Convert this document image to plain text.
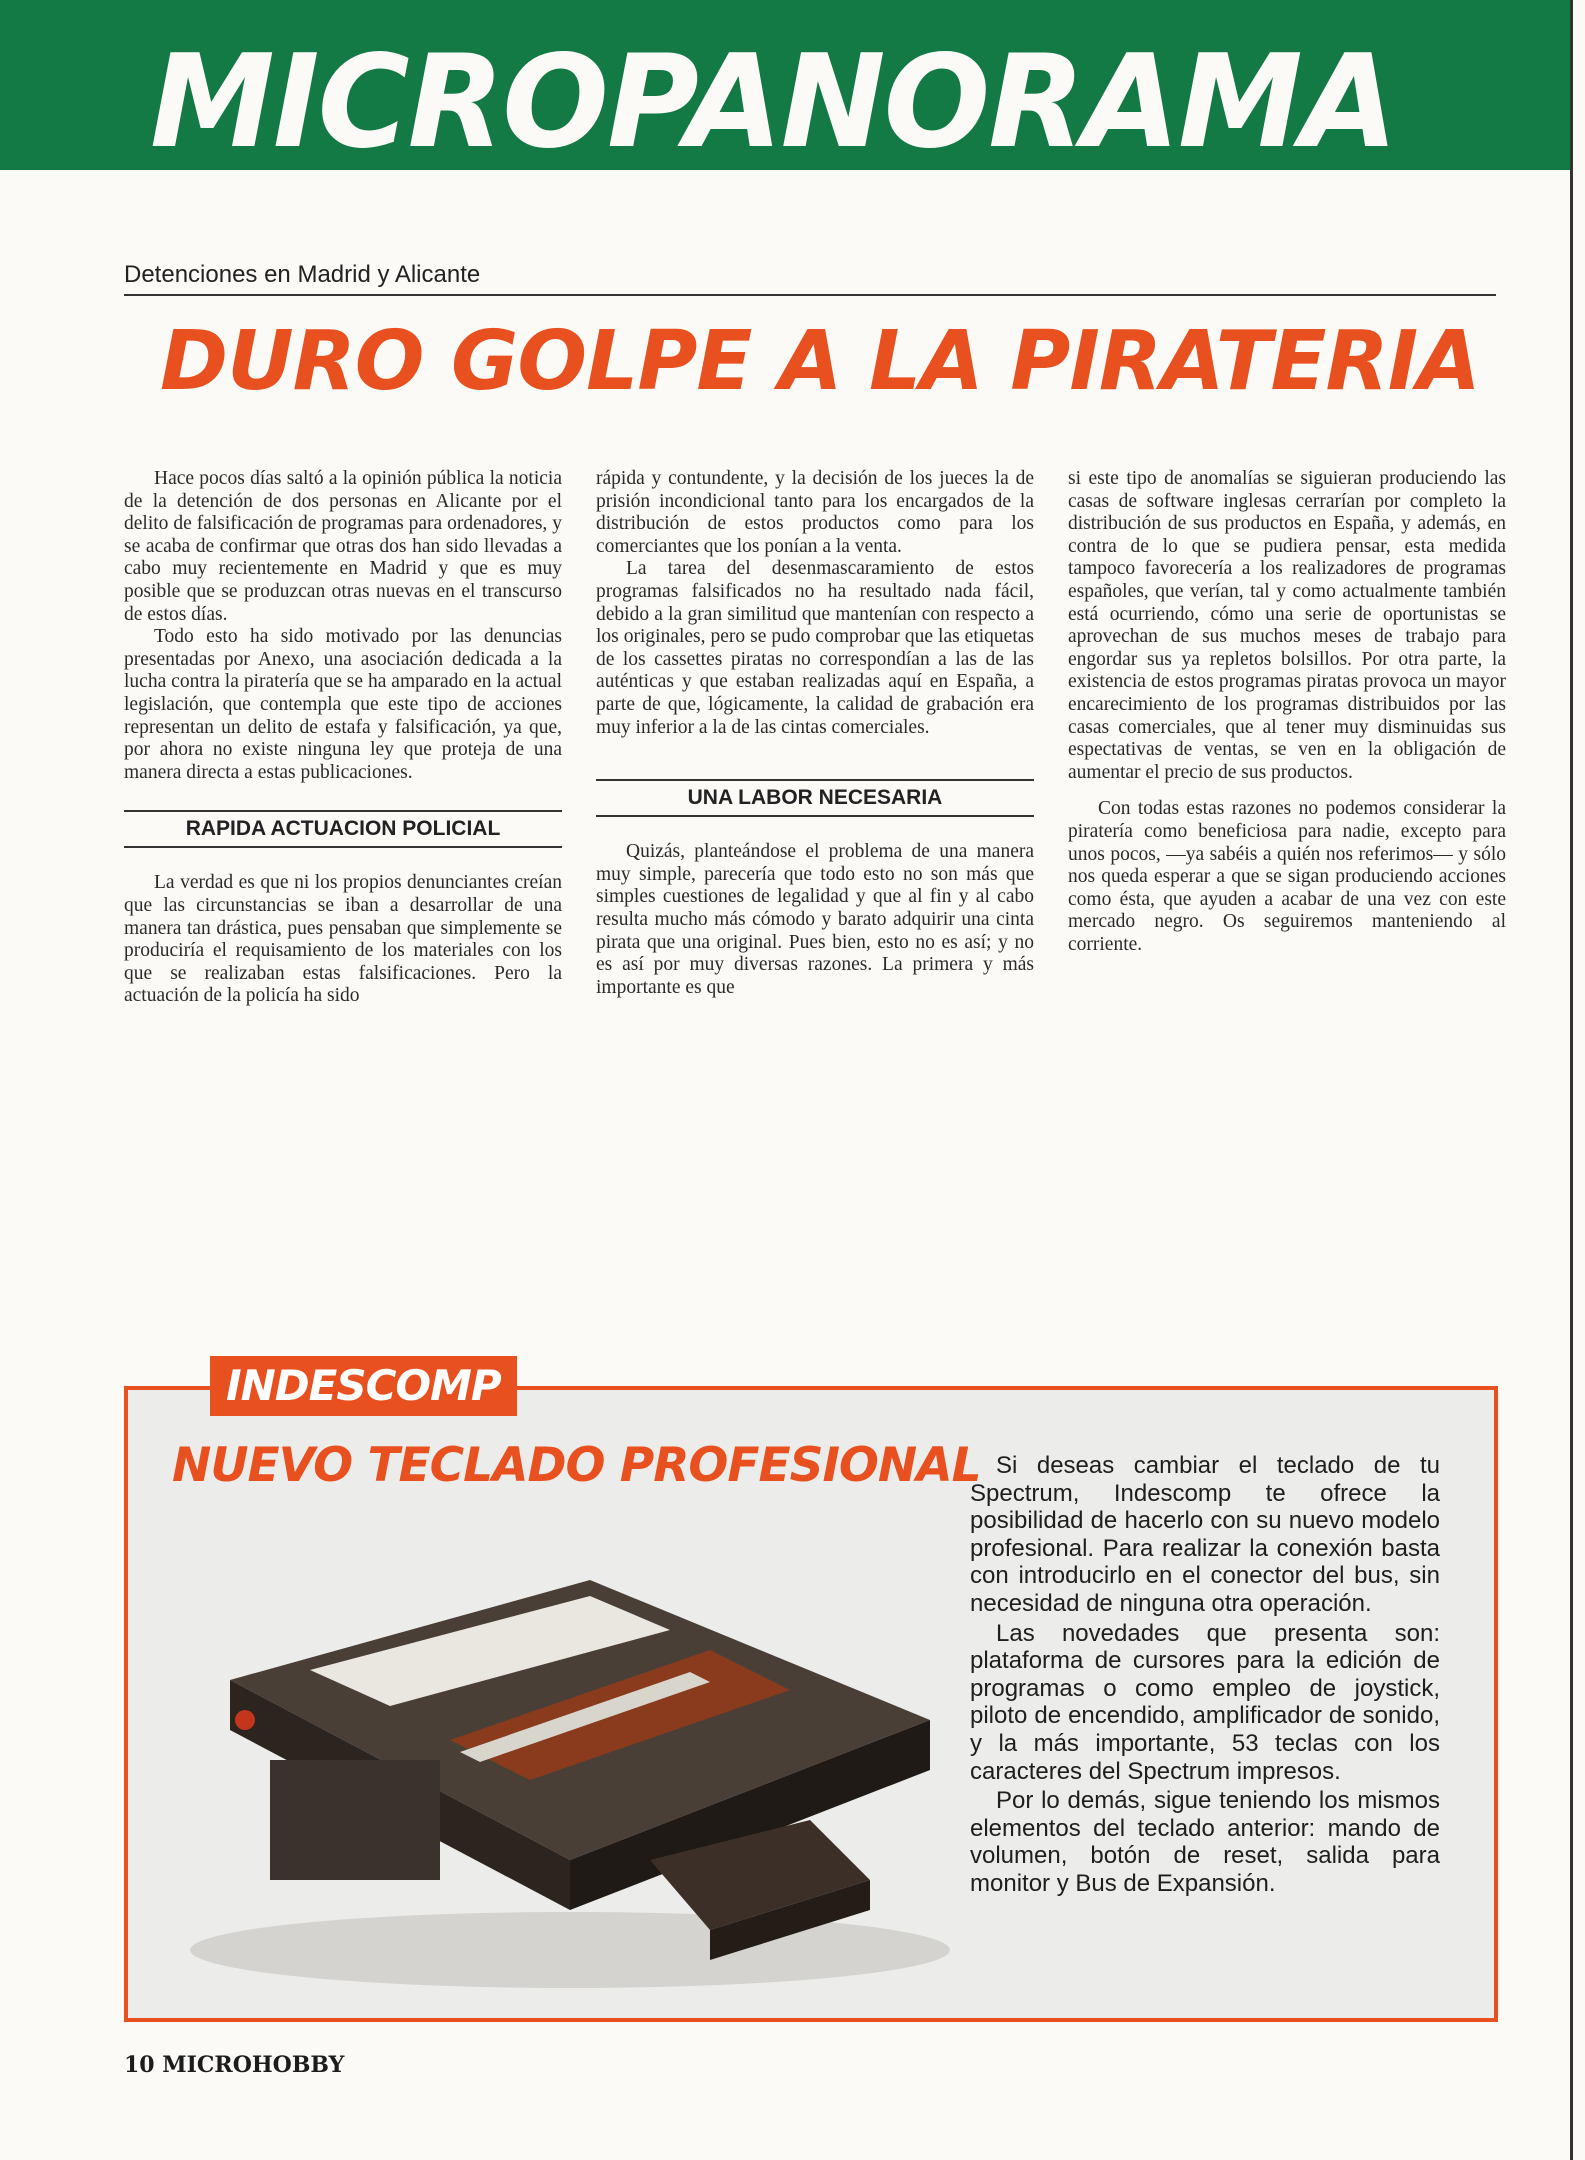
MICROPANORAMA

Detenciones en Madrid y Alicante

DURO GOLPE A LA PIRATERIA

Hace pocos días saltó a la opinión pública la noticia de la detención de dos personas en Alicante por el delito de falsificación de programas para ordenadores, y se acaba de confirmar que otras dos han sido llevadas a cabo muy recientemente en Madrid y que es muy posible que se produzcan otras nuevas en el transcurso de estos días.

Todo esto ha sido motivado por las denuncias presentadas por Anexo, una asociación dedicada a la lucha contra la piratería que se ha amparado en la actual legislación, que contempla que este tipo de acciones representan un delito de estafa y falsificación, ya que, por ahora no existe ninguna ley que proteja de una manera directa a estas publicaciones.

RAPIDA ACTUACION POLICIAL

La verdad es que ni los propios denunciantes creían que las circunstancias se iban a desarrollar de una manera tan drástica, pues pensaban que simplemente se produciría el requisamiento de los materiales con los que se realizaban estas falsificaciones. Pero la actuación de la policía ha sido

rápida y contundente, y la decisión de los jueces la de prisión incondicional tanto para los encargados de la distribución de estos productos como para los comerciantes que los ponían a la venta.

La tarea del desenmascaramiento de estos programas falsificados no ha resultado nada fácil, debido a la gran similitud que mantenían con respecto a los originales, pero se pudo comprobar que las etiquetas de los cassettes piratas no correspondían a las de las auténticas y que estaban realizadas aquí en España, a parte de que, lógicamente, la calidad de grabación era muy inferior a la de las cintas comerciales.

UNA LABOR NECESARIA

Quizás, planteándose el problema de una manera muy simple, parecería que todo esto no son más que simples cuestiones de legalidad y que al fin y al cabo resulta mucho más cómodo y barato adquirir una cinta pirata que una original. Pues bien, esto no es así; y no es así por muy diversas razones. La primera y más importante es que

si este tipo de anomalías se siguieran produciendo las casas de software inglesas cerrarían por completo la distribución de sus productos en España, y además, en contra de lo que se pudiera pensar, esta medida tampoco favorecería a los realizadores de programas españoles, que verían, tal y como actualmente también está ocurriendo, cómo una serie de oportunistas se aprovechan de sus muchos meses de trabajo para engordar sus ya repletos bolsillos. Por otra parte, la existencia de estos programas piratas provoca un mayor encarecimiento de los programas distribuidos por las casas comerciales, que al tener muy disminuidas sus espectativas de ventas, se ven en la obligación de aumentar el precio de sus productos.

Con todas estas razones no podemos considerar la piratería como beneficiosa para nadie, excepto para unos pocos, —ya sabéis a quién nos referimos— y sólo nos queda esperar a que se sigan produciendo acciones como ésta, que ayuden a acabar de una vez con este mercado negro. Os seguiremos manteniendo al corriente.

INDESCOMP
NUEVO TECLADO PROFESIONAL Si deseas cambiar el teclado de tu Spectrum, Indescomp te ofrece la posibilidad de hacerlo con su nuevo modelo profesional. Para realizar la conexión basta con introducirlo en el conector del bus, sin necesidad de ninguna otra operación.

Las novedades que presenta son: plataforma de cursores para la edición de programas o como empleo de joystick, piloto de encendido, amplificador de sonido, y la más importante, 53 teclas con los caracteres del Spectrum impresos.

Por lo demás, sigue teniendo los mismos elementos del teclado anterior: mando de volumen, botón de reset, salida para monitor y Bus de Expansión.

10 MICROHOBBY
